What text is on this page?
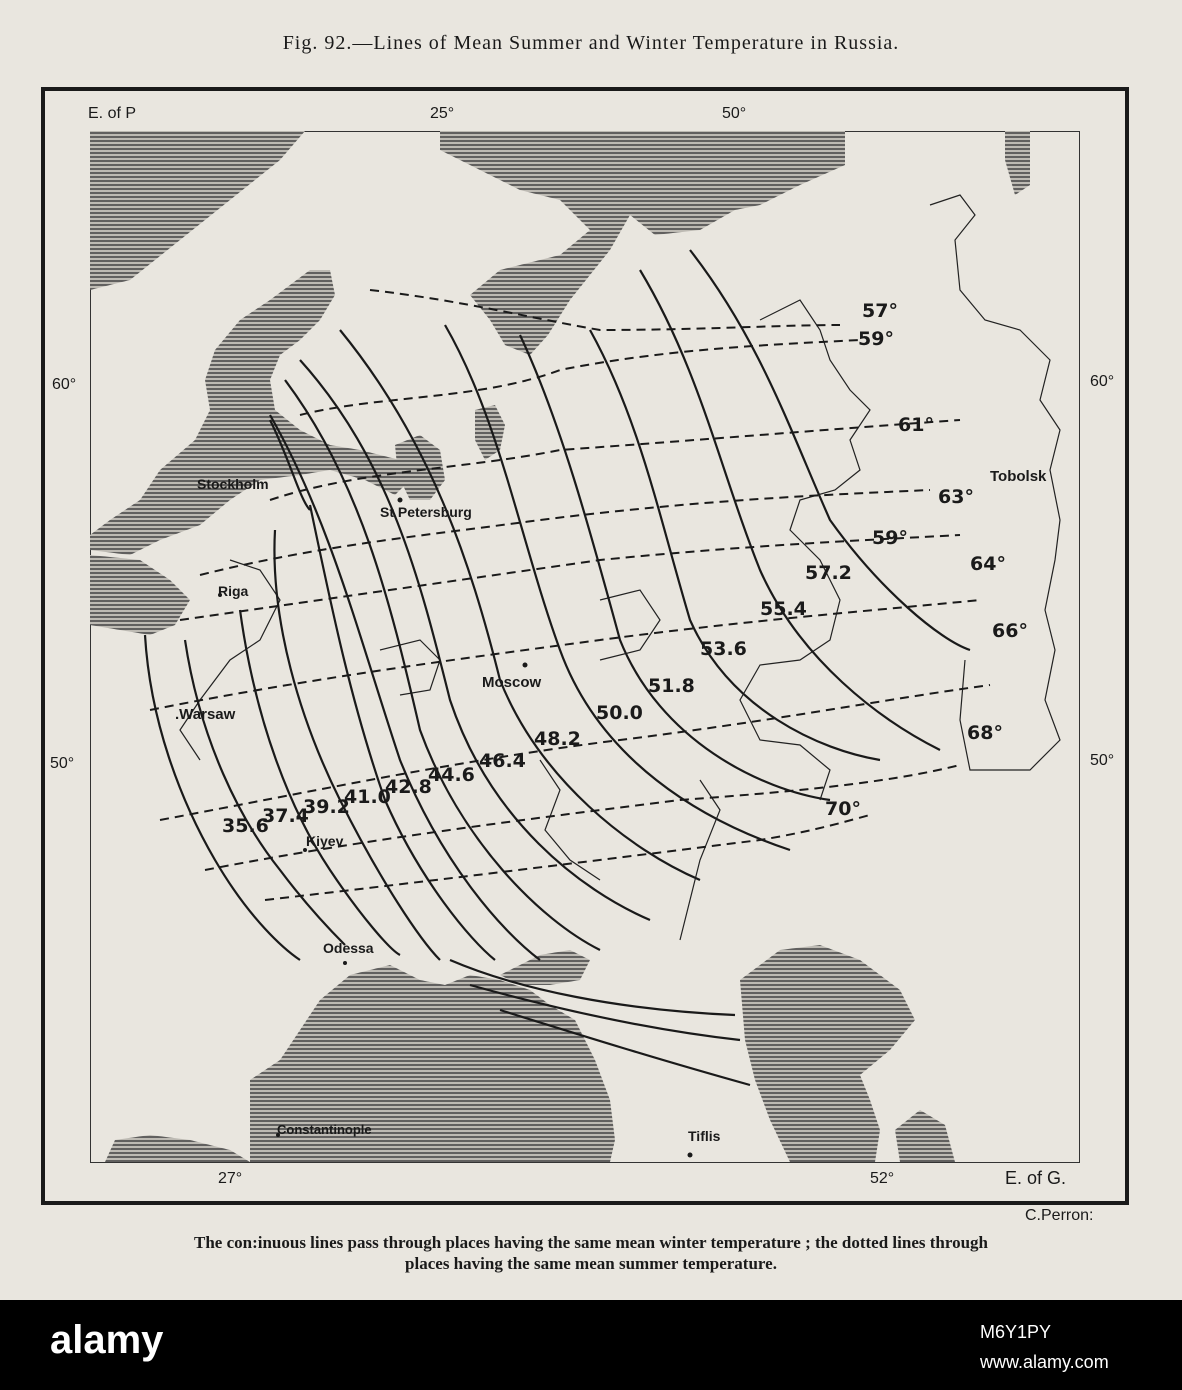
Fig. 92.—Lines of Mean Summer and Winter Temperature in Russia.
E. of P	25°	50°
60°
50°
60°
50°
27°	52°	E. of G.
Stockholm
St Petersburg
Riga
Moscow
.Warsaw
Kiyev
Odessa
Constantinople	Tiflis
Tobolsk
57°
59°
61°
63°
64°
66°
68°
70°
35.6
37.4
39.2
41.0
42.8
44.6
46.4
48.2
50.0
51.8
53.6
55.4
57.2
59°
C.Perron:
The con:inuous lines pass through places having the same mean winter temperature ; the dotted lines through
places having the same mean summer temperature.
alamy	M6Y1PY
www.alamy.com
